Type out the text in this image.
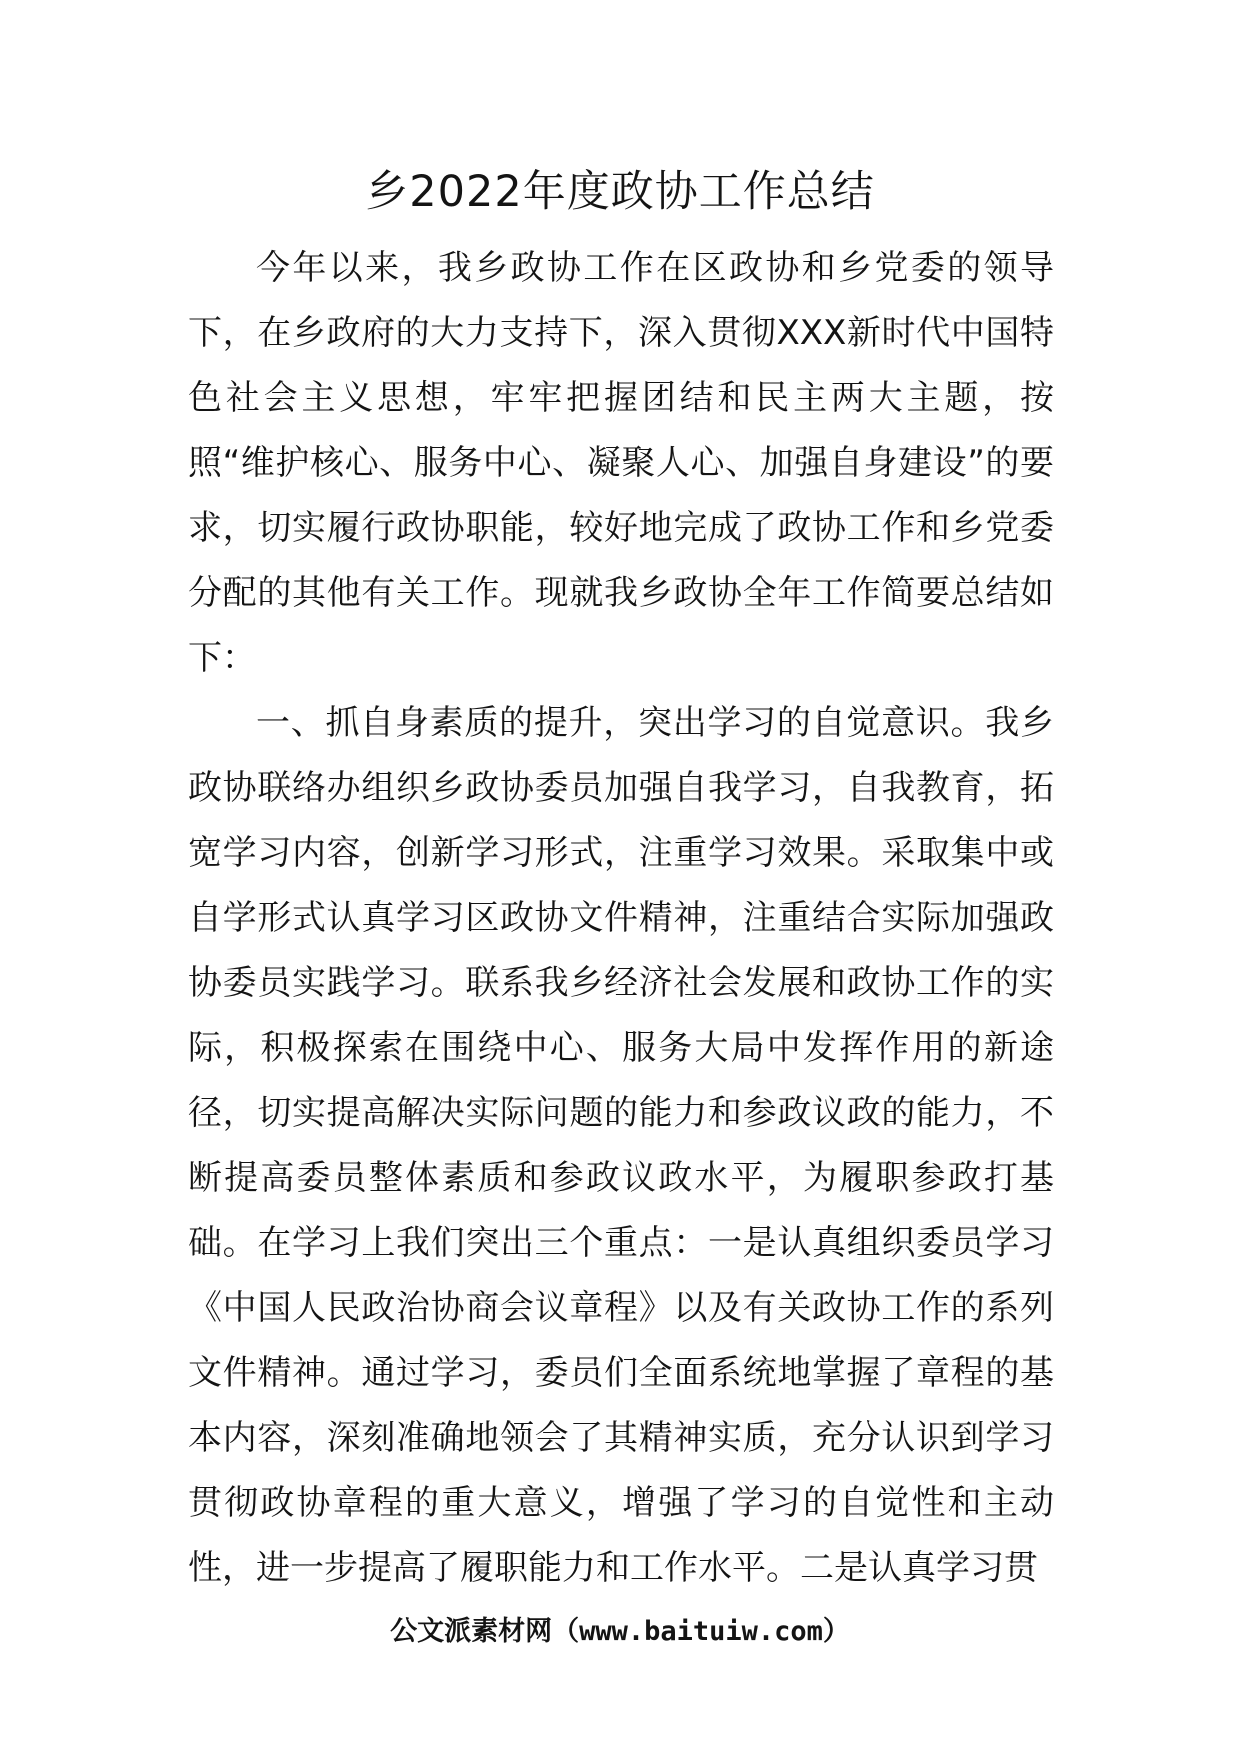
乡2022年度政协工作总结

今年以来，我乡政协工作在区政协和乡党委的领导下，在乡政府的大力支持下，深入贯彻XXX新时代中国特色社会主义思想，牢牢把握团结和民主两大主题，按照“维护核心、服务中心、凝聚人心、加强自身建设”的要求，切实履行政协职能，较好地完成了政协工作和乡党委分配的其他有关工作。现就我乡政协全年工作简要总结如下：

一、抓自身素质的提升，突出学习的自觉意识。我乡政协联络办组织乡政协委员加强自我学习，自我教育，拓宽学习内容，创新学习形式，注重学习效果。采取集中或自学形式认真学习区政协文件精神，注重结合实际加强政协委员实践学习。联系我乡经济社会发展和政协工作的实际，积极探索在围绕中心、服务大局中发挥作用的新途径，切实提高解决实际问题的能力和参政议政的能力，不断提高委员整体素质和参政议政水平，为履职参政打基础。在学习上我们突出三个重点：一是认真组织委员学习《中国人民政治协商会议章程》以及有关政协工作的系列文件精神。通过学习，委员们全面系统地掌握了章程的基本内容，深刻准确地领会了其精神实质，充分认识到学习贯彻政协章程的重大意义，增强了学习的自觉性和主动性，进一步提高了履职能力和工作水平。二是认真学习贯

公文派素材网（www.baituiw.com）
